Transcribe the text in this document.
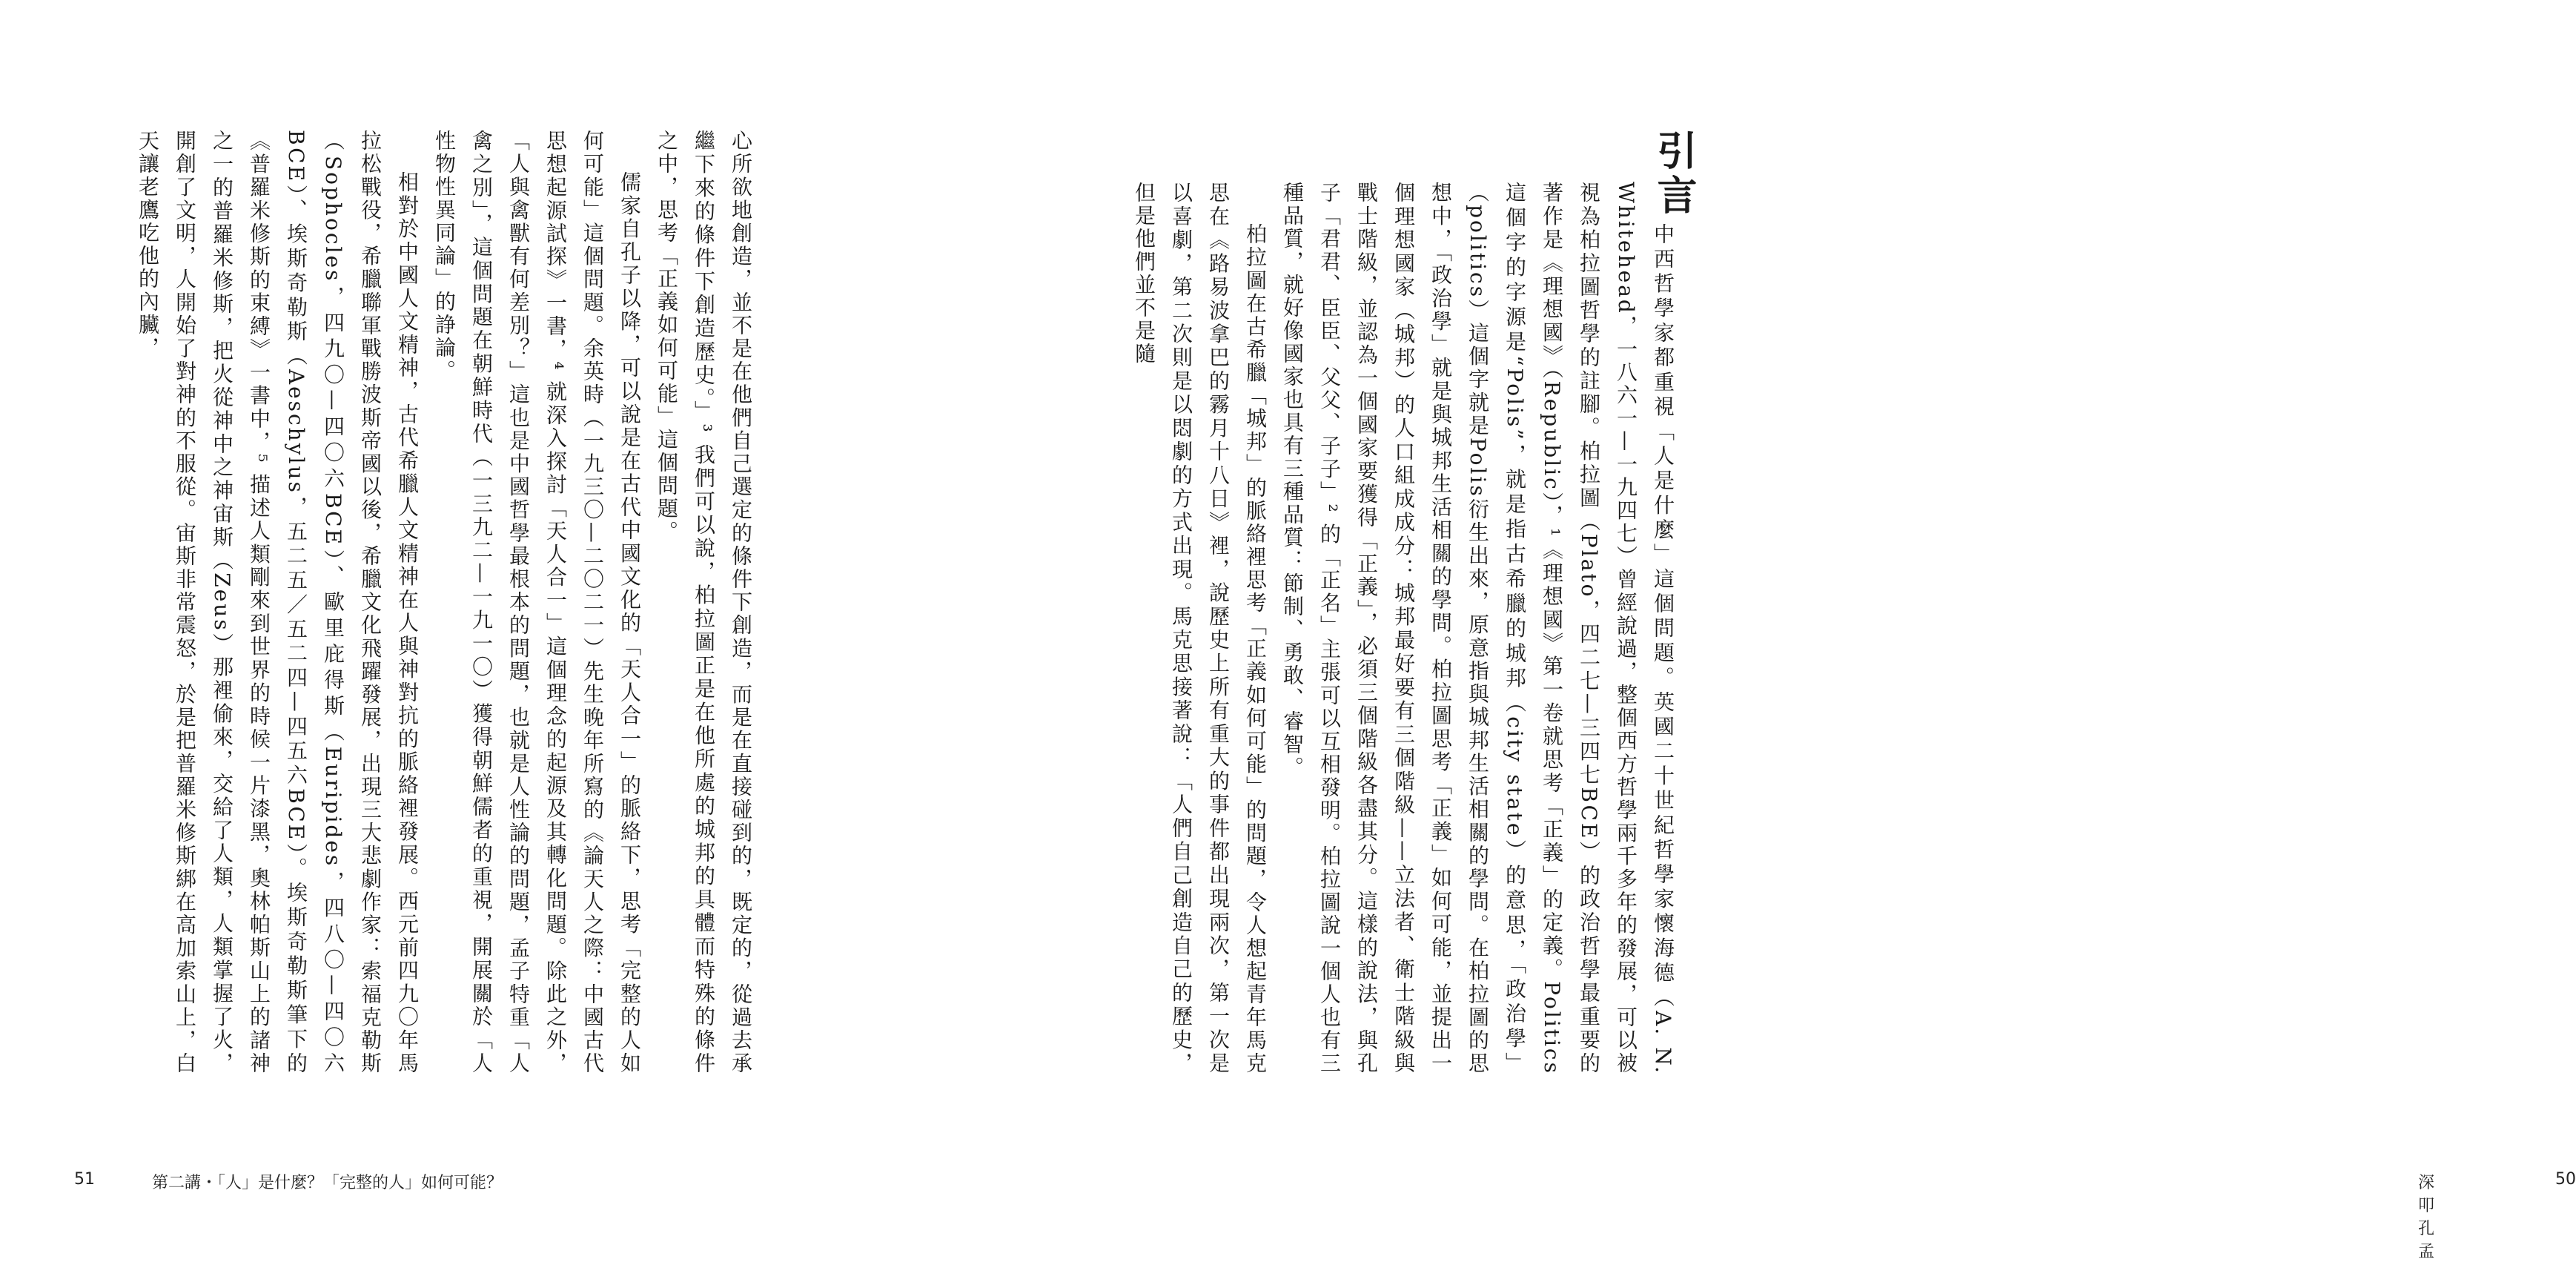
心所欲地創造，並不是在他們自己選定的條件下創造，而是在直接碰到的，既定的，從過去承繼下來的條件下創造歷史。」³ 我們可以說，柏拉圖正是在他所處的城邦的具體而特殊的條件之中，思考「正義如何可能」這個問題。

儒家自孔子以降，可以說是在古代中國文化的「天人合一」的脈絡下，思考「完整的人如何可能」這個問題。余英時（一九三〇—二〇二一）先生晚年所寫的《論天人之際：中國古代思想起源試探》一書，⁴ 就深入探討「天人合一」這個理念的起源及其轉化問題。除此之外，「人與禽獸有何差別？」這也是中國哲學最根本的問題，也就是人性論的問題，孟子特重「人禽之別」，這個問題在朝鮮時代（一三九二—一九一〇）獲得朝鮮儒者的重視，開展關於「人性物性異同論」的諍論。

相對於中國人文精神，古代希臘人文精神在人與神對抗的脈絡裡發展。西元前四九〇年馬拉松戰役，希臘聯軍戰勝波斯帝國以後，希臘文化飛躍發展，出現三大悲劇作家：索福克勒斯（Sophocles，四九〇—四〇六BCE）、歐里庇得斯（Euripides，四八〇—四〇六BCE）、埃斯奇勒斯（Aeschylus，五二五／五二四—四五六BCE）。埃斯奇勒斯筆下的《普羅米修斯的束縛》一書中，⁵ 描述人類剛來到世界的時候一片漆黑，奧林帕斯山上的諸神之一的普羅米修斯，把火從神中之神宙斯（Zeus）那裡偷來，交給了人類，人類掌握了火，開創了文明，人開始了對神的不服從。宙斯非常震怒，於是把普羅米修斯綁在高加索山上，白天讓老鷹吃他的內臟，

51	第二講・「人」是什麼？「完整的人」如何可能？
引言

中西哲學家都重視「人是什麼」這個問題。英國二十世紀哲學家懷海德（A. N. Whitehead，一八六一—一九四七）曾經說過，整個西方哲學兩千多年的發展，可以被視為柏拉圖哲學的註腳。柏拉圖（Plato，四二七—三四七BCE）的政治哲學最重要的著作是《理想國》（Republic），¹《理想國》第一卷就思考「正義」的定義。Politics這個字的字源是“Polis”，就是指古希臘的城邦（city state）的意思，「政治學」（politics）這個字就是Polis衍生出來，原意指與城邦生活相關的學問。在柏拉圖的思想中，「政治學」就是與城邦生活相關的學問。柏拉圖思考「正義」如何可能，並提出一個理想國家（城邦）的人口組成成分：城邦最好要有三個階級——立法者、衛士階級與戰士階級，並認為一個國家要獲得「正義」，必須三個階級各盡其分。這樣的說法，與孔子「君君、臣臣、父父、子子」² 的「正名」主張可以互相發明。柏拉圖說一個人也有三種品質，就好像國家也具有三種品質：節制、勇敢、睿智。

柏拉圖在古希臘「城邦」的脈絡裡思考「正義如何可能」的問題，令人想起青年馬克思在《路易波拿巴的霧月十八日》裡，說歷史上所有重大的事件都出現兩次，第一次是以喜劇，第二次則是以悶劇的方式出現。馬克思接著說：「人們自己創造自己的歷史，但是他們並不是隨

深叩孔孟
50
